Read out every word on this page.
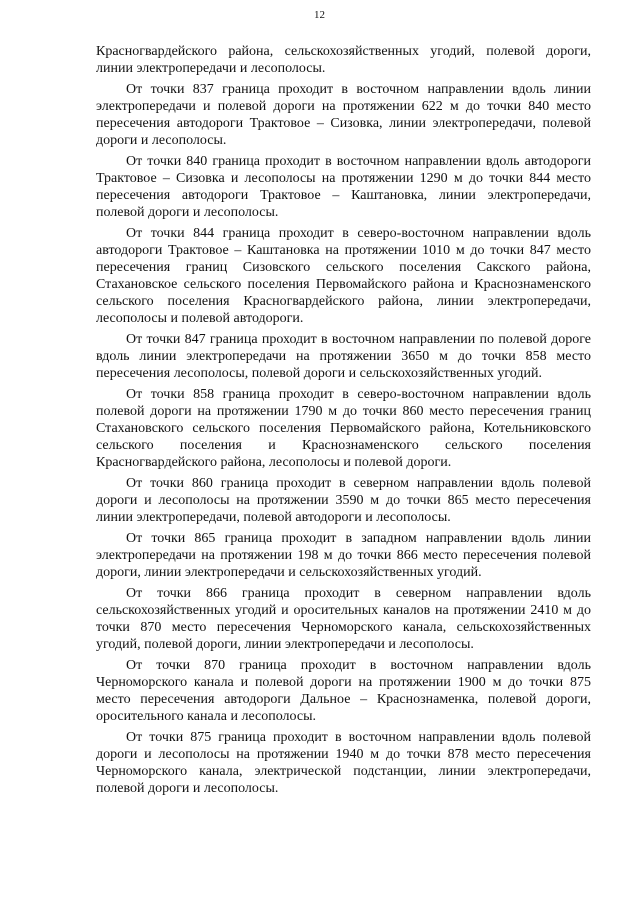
12

Красногвардейского района, сельскохозяйственных угодий, полевой дороги, линии электропередачи и лесополосы.

От точки 837 граница проходит в восточном направлении вдоль линии электропередачи и полевой дороги на протяжении 622 м до точки 840 место пересечения автодороги Трактовое – Сизовка, линии электропередачи, полевой дороги и лесополосы.

От точки 840 граница проходит в восточном направлении вдоль автодороги Трактовое – Сизовка и лесополосы на протяжении 1290 м до точки 844 место пересечения автодороги Трактовое – Каштановка, линии электропередачи, полевой дороги и лесополосы.

От точки 844 граница проходит в северо-восточном направлении вдоль автодороги Трактовое – Каштановка на протяжении 1010 м до точки 847 место пересечения границ Сизовского сельского поселения Сакского района, Стахановское сельского поселения Первомайского района и Краснознаменского сельского поселения Красногвардейского района, линии электропередачи, лесополосы и полевой автодороги.

От точки 847 граница проходит в восточном направлении по полевой дороге вдоль линии электропередачи на протяжении 3650 м до точки 858 место пересечения лесополосы, полевой дороги и сельскохозяйственных угодий.

От точки 858 граница проходит в северо-восточном направлении вдоль полевой дороги на протяжении 1790 м до точки 860 место пересечения границ Стахановского сельского поселения Первомайского района, Котельниковского сельского поселения и Краснознаменского сельского поселения Красногвардейского района, лесополосы и полевой дороги.

От точки 860 граница проходит в северном направлении вдоль полевой дороги и лесополосы на протяжении 3590 м до точки 865 место пересечения линии электропередачи, полевой автодороги и лесополосы.

От точки 865 граница проходит в западном направлении вдоль линии электропередачи на протяжении 198 м до точки 866 место пересечения полевой дороги, линии электропередачи и сельскохозяйственных угодий.

От точки 866 граница проходит в северном направлении вдоль сельскохозяйственных угодий и оросительных каналов на протяжении 2410 м до точки 870 место пересечения Черноморского канала, сельскохозяйственных угодий, полевой дороги, линии электропередачи и лесополосы.

От точки 870 граница проходит в восточном направлении вдоль Черноморского канала и полевой дороги на протяжении 1900 м до точки 875 место пересечения автодороги Дальное – Краснознаменка, полевой дороги, оросительного канала и лесополосы.

От точки 875 граница проходит в восточном направлении вдоль полевой дороги и лесополосы на протяжении 1940 м до точки 878 место пересечения Черноморского канала, электрической подстанции, линии электропередачи, полевой дороги и лесополосы.
